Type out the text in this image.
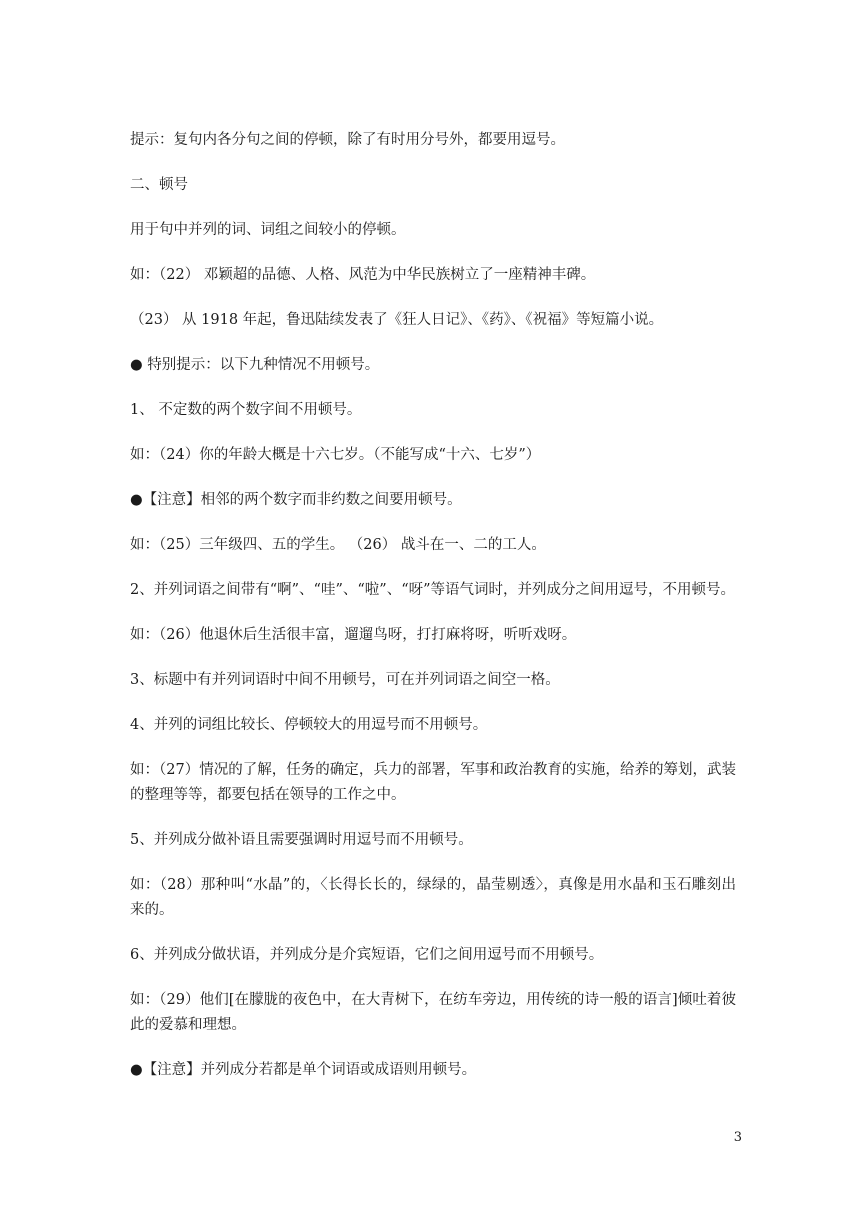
提示：复句内各分句之间的停顿，除了有时用分号外，都要用逗号。

二、顿号

用于句中并列的词、词组之间较小的停顿。

如：（22） 邓颖超的品德、人格、风范为中华民族树立了一座精神丰碑。

（23） 从 1918 年起，鲁迅陆续发表了《狂人日记》、《药》、《祝福》等短篇小说。

● 特别提示：以下九种情况不用顿号。

1、 不定数的两个数字间不用顿号。

如：（24）你的年龄大概是十六七岁。（不能写成“十六、七岁”）

●【注意】相邻的两个数字而非约数之间要用顿号。

如：（25）三年级四、五的学生。 （26） 战斗在一、二的工人。

2、并列词语之间带有“啊”、“哇”、“啦”、“呀”等语气词时，并列成分之间用逗号，不用顿号。

如：（26）他退休后生活很丰富，遛遛鸟呀，打打麻将呀，听听戏呀。

3、标题中有并列词语时中间不用顿号，可在并列词语之间空一格。

4、并列的词组比较长、停顿较大的用逗号而不用顿号。

如：（27）情况的了解，任务的确定，兵力的部署，军事和政治教育的实施，给养的筹划，武装的整理等等，都要包括在领导的工作之中。

5、并列成分做补语且需要强调时用逗号而不用顿号。

如：（28）那种叫“水晶”的，〈长得长长的，绿绿的，晶莹剔透〉，真像是用水晶和玉石雕刻出来的。

6、并列成分做状语，并列成分是介宾短语，它们之间用逗号而不用顿号。

如：（29）他们[在朦胧的夜色中，在大青树下，在纺车旁边，用传统的诗一般的语言]倾吐着彼此的爱慕和理想。

●【注意】并列成分若都是单个词语或成语则用顿号。

3
